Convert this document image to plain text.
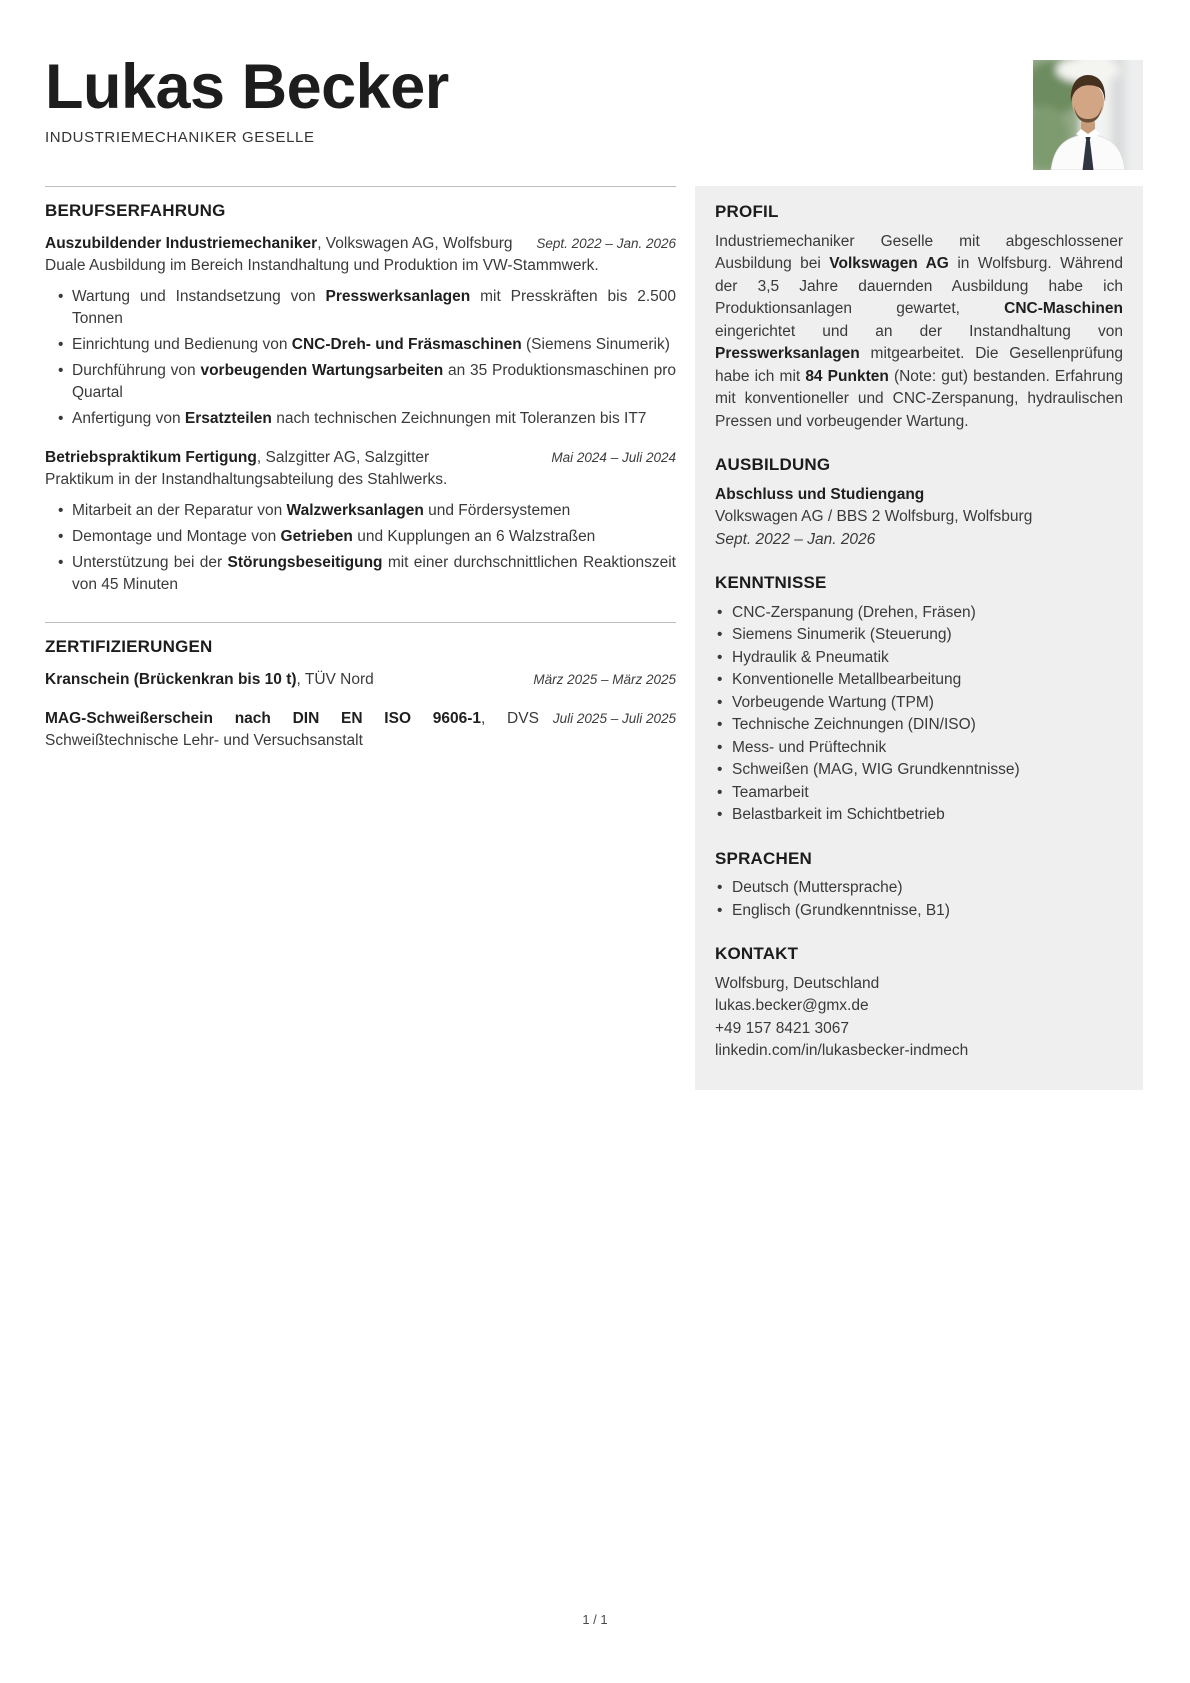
Lukas Becker
INDUSTRIEMECHANIKER GESELLE
BERUFSERFAHRUNG
Sept. 2022 – Jan. 2026
Auszubildender Industriemechaniker, Volkswagen AG, Wolfsburg
Duale Ausbildung im Bereich Instandhaltung und Produktion im VW-Stammwerk.
• Wartung und Instandsetzung von Presswerksanlagen mit Presskräften bis 2.500 Tonnen
• Einrichtung und Bedienung von CNC-Dreh- und Fräsmaschinen (Siemens Sinumerik)
• Durchführung von vorbeugenden Wartungsarbeiten an 35 Produktionsmaschinen pro Quartal
• Anfertigung von Ersatzteilen nach technischen Zeichnungen mit Toleranzen bis IT7
Mai 2024 – Juli 2024
Betriebspraktikum Fertigung, Salzgitter AG, Salzgitter
Praktikum in der Instandhaltungsabteilung des Stahlwerks.
• Mitarbeit an der Reparatur von Walzwerksanlagen und Fördersystemen
• Demontage und Montage von Getrieben und Kupplungen an 6 Walzstraßen
• Unterstützung bei der Störungsbeseitigung mit einer durchschnittlichen Reaktionszeit von 45 Minuten
ZERTIFIZIERUNGEN
März 2025 – März 2025
Kranschein (Brückenkran bis 10 t), TÜV Nord
Juli 2025 – Juli 2025
MAG-Schweißerschein nach DIN EN ISO 9606-1, DVS Schweißtechnische Lehr- und Versuchsanstalt
PROFIL
Industriemechaniker Geselle mit abgeschlossener Ausbildung bei Volkswagen AG in Wolfsburg. Während der 3,5 Jahre dauernden Ausbildung habe ich Produktionsanlagen gewartet, CNC-Maschinen eingerichtet und an der Instandhaltung von Presswerksanlagen mitgearbeitet. Die Gesellenprüfung habe ich mit 84 Punkten (Note: gut) bestanden. Erfahrung mit konventioneller und CNC-Zerspanung, hydraulischen Pressen und vorbeugender Wartung.
AUSBILDUNG
Abschluss und Studiengang
Volkswagen AG / BBS 2 Wolfsburg, Wolfsburg
Sept. 2022 – Jan. 2026
KENNTNISSE
• CNC-Zerspanung (Drehen, Fräsen)
• Siemens Sinumerik (Steuerung)
• Hydraulik & Pneumatik
• Konventionelle Metallbearbeitung
• Vorbeugende Wartung (TPM)
• Technische Zeichnungen (DIN/ISO)
• Mess- und Prüftechnik
• Schweißen (MAG, WIG Grundkenntnisse)
• Teamarbeit
• Belastbarkeit im Schichtbetrieb
SPRACHEN
• Deutsch (Muttersprache)
• Englisch (Grundkenntnisse, B1)
KONTAKT
Wolfsburg, Deutschland
lukas.becker@gmx.de
+49 157 8421 3067
linkedin.com/in/lukasbecker-indmech
1 / 1
